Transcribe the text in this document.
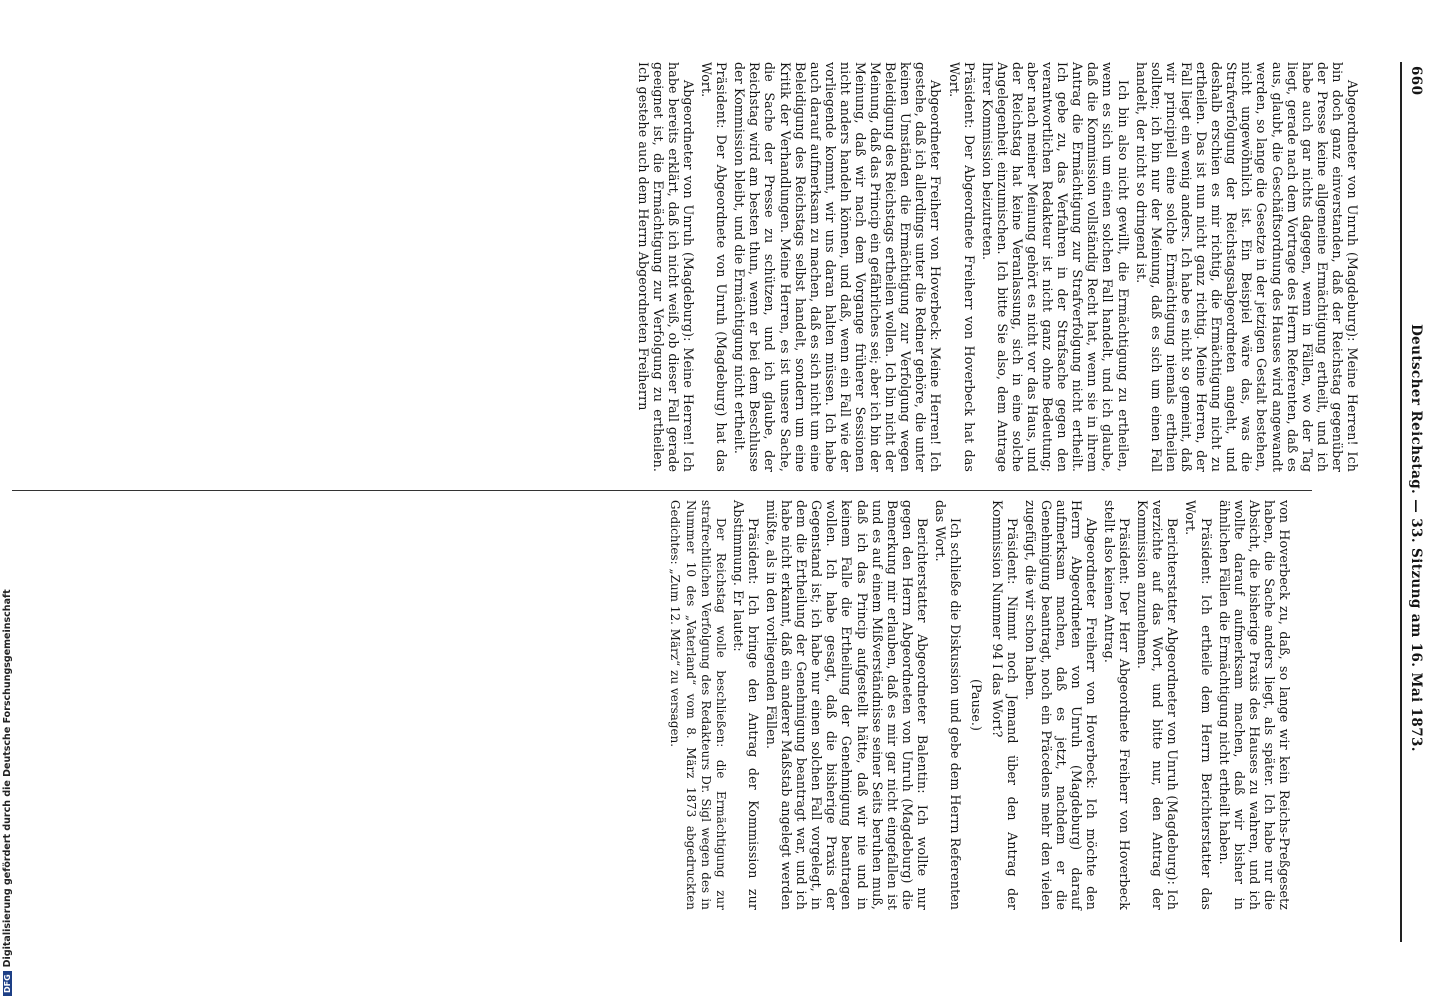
660
Deutscher Reichstag. — 33. Sitzung am 16. Mai 1873.

Abgeordneter von Unruh (Magdeburg): Meine Herren! Ich bin doch ganz einverstanden, daß der Reichstag gegenüber der Presse keine allgemeine Ermächtigung ertheilt, und ich habe auch gar nichts dagegen, wenn in Fällen, wo der Tag liegt, gerade nach dem Vortrage des Herrn Referenten, daß es aus, glaubt, die Geschäftsordnung des Hauses wird angewandt werden, so lange die Gesetze in der jetzigen Gestalt bestehen, nicht ungewöhnlich ist. Ein Beispiel wäre das, was die Strafverfolgung der Reichstagsabgeordneten angeht, und deshalb erschien es mir richtig, die Ermächtigung nicht zu ertheilen. Das ist nun nicht ganz richtig. Meine Herren, der Fall liegt ein wenig anders. Ich habe es nicht so gemeint, daß wir principiell eine solche Ermächtigung niemals ertheilen sollten; ich bin nur der Meinung, daß es sich um einen Fall handelt, der nicht so dringend ist.

Ich bin also nicht gewillt, die Ermächtigung zu ertheilen, wenn es sich um einen solchen Fall handelt, und ich glaube, daß die Kommission vollständig Recht hat, wenn sie in ihrem Antrag die Ermächtigung zur Strafverfolgung nicht ertheilt. Ich gebe zu, das Verfahren in der Strafsache gegen den verantwortlichen Redakteur ist nicht ganz ohne Bedeutung; aber nach meiner Meinung gehört es nicht vor das Haus, und der Reichstag hat keine Veranlassung, sich in eine solche Angelegenheit einzumischen. Ich bitte Sie also, dem Antrage Ihrer Kommission beizutreten.

Präsident: Der Abgeordnete Freiherr von Hoverbeck hat das Wort.

Abgeordneter Freiherr von Hoverbeck: Meine Herren! Ich gestehe, daß ich allerdings unter die Redner gehöre, die unter keinen Umständen die Ermächtigung zur Verfolgung wegen Beleidigung des Reichstags ertheilen wollen. Ich bin nicht der Meinung, daß das Princip ein gefährliches sei; aber ich bin der Meinung, daß wir nach dem Vorgange früherer Sessionen nicht anders handeln können, und daß, wenn ein Fall wie der vorliegende kommt, wir uns daran halten müssen. Ich habe auch darauf aufmerksam zu machen, daß es sich nicht um eine Beleidigung des Reichstags selbst handelt, sondern um eine Kritik der Verhandlungen. Meine Herren, es ist unsere Sache, die Sache der Presse zu schützen, und ich glaube, der Reichstag wird am besten thun, wenn er bei dem Beschlusse der Kommission bleibt, und die Ermächtigung nicht ertheilt.

Präsident: Der Abgeordnete von Unruh (Magdeburg) hat das Wort.

Abgeordneter von Unruh (Magdeburg): Meine Herren! Ich habe bereits erklärt, daß ich nicht weiß, ob dieser Fall gerade geeignet ist, die Ermächtigung zur Verfolgung zu ertheilen. Ich gestehe auch dem Herrn Abgeordneten Freiherrn

von Hoverbeck zu, daß, so lange wir kein Reichs-Preßgesetz haben, die Sache anders liegt, als später. Ich habe nur die Absicht, die bisherige Praxis des Hauses zu wahren, und ich wollte darauf aufmerksam machen, daß wir bisher in ähnlichen Fällen die Ermächtigung nicht ertheilt haben.

Präsident: Ich ertheile dem Herrn Berichterstatter das Wort.

Berichterstatter Abgeordneter von Unruh (Magdeburg): Ich verzichte auf das Wort, und bitte nur, den Antrag der Kommission anzunehmen.

Präsident: Der Herr Abgeordnete Freiherr von Hoverbeck stellt also keinen Antrag.

Abgeordneter Freiherr von Hoverbeck: Ich möchte den Herrn Abgeordneten von Unruh (Magdeburg) darauf aufmerksam machen, daß es jetzt, nachdem er die Genehmigung beantragt, noch ein Präcedens mehr den vielen zugefügt, die wir schon haben.

Präsident: Nimmt noch Jemand über den Antrag der Kommission Nummer 94 I das Wort?

(Pause.)

Ich schließe die Diskussion und gebe dem Herrn Referenten das Wort.

Berichterstatter Abgeordneter Balentin: Ich wollte nur gegen den Herrn Abgeordneten von Unruh (Magdeburg) die Bemerkung mir erlauben, daß es mir gar nicht eingefallen ist und es auf einem Mißverständnisse seiner Seits beruhen muß, daß ich das Princip aufgestellt hätte, daß wir nie und in keinem Falle die Ertheilung der Genehmigung beantragen wollen. Ich habe gesagt, daß die bisherige Praxis der Gegenstand ist; ich habe nur einen solchen Fall vorgelegt, in dem die Ertheilung der Genehmigung beantragt war, und ich habe nicht erkannt, daß ein anderer Maßstab angelegt werden müßte, als in den vorliegenden Fällen.

Präsident: Ich bringe den Antrag der Kommission zur Abstimmung. Er lautet:

Der Reichstag wolle beschließen: die Ermächtigung zur strafrechtlichen Verfolgung des Redakteurs Dr. Sigl wegen des in Nummer 10 des „Vaterland“ vom 8. März 1873 abgedruckten Gedichtes: „Zum 12. März“ zu versagen.

DFGDigitalisierung gefördert durch die Deutsche Forschungsgemeinschaft
